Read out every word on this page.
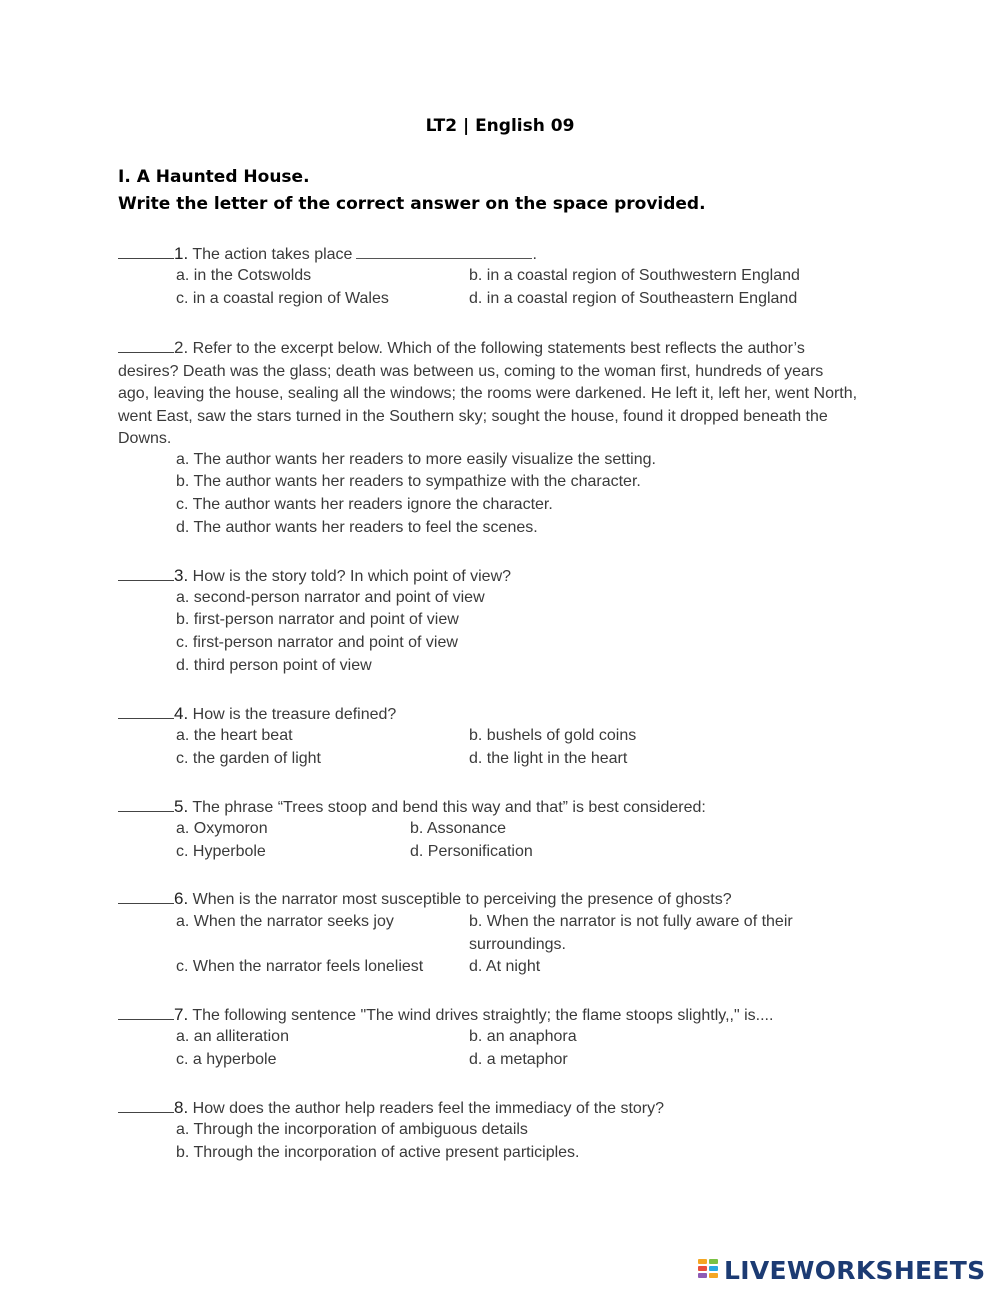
LT2 | English 09
I. A Haunted House.
Write the letter of the correct answer on the space provided.
1. The action takes place	.
a. in the Cotswolds	b. in a coastal region of Southwestern England
c. in a coastal region of Wales	d. in a coastal region of Southeastern England
2. Refer to the excerpt below. Which of the following statements best reflects the author’s desires? Death was the glass; death was between us, coming to the woman first, hundreds of years ago, leaving the house, sealing all the windows; the rooms were darkened. He left it, left her, went North, went East, saw the stars turned in the Southern sky; sought the house, found it dropped beneath the Downs.
a. The author wants her readers to more easily visualize the setting.
b. The author wants her readers to sympathize with the character.
c. The author wants her readers ignore the character.
d. The author wants her readers to feel the scenes.
3. How is the story told? In which point of view?
a. second-person narrator and point of view
b. first-person narrator and point of view
c. first-person narrator and point of view
d. third person point of view
4. How is the treasure defined?
a. the heart beat	b. bushels of gold coins
c. the garden of light	d. the light in the heart
5. The phrase “Trees stoop and bend this way and that” is best considered:
a. Oxymoron	b. Assonance
c. Hyperbole	d. Personification
6. When is the narrator most susceptible to perceiving the presence of ghosts?
a. When the narrator seeks joy	b. When the narrator is not fully aware of their
surroundings.
c. When the narrator feels loneliest	d. At night
7. The following sentence "The wind drives straightly; the flame stoops slightly,," is....
a. an alliteration	b. an anaphora
c. a hyperbole	d. a metaphor
8. How does the author help readers feel the immediacy of the story?
a. Through the incorporation of ambiguous details
b. Through the incorporation of active present participles.
LIVEWORKSHEETS
